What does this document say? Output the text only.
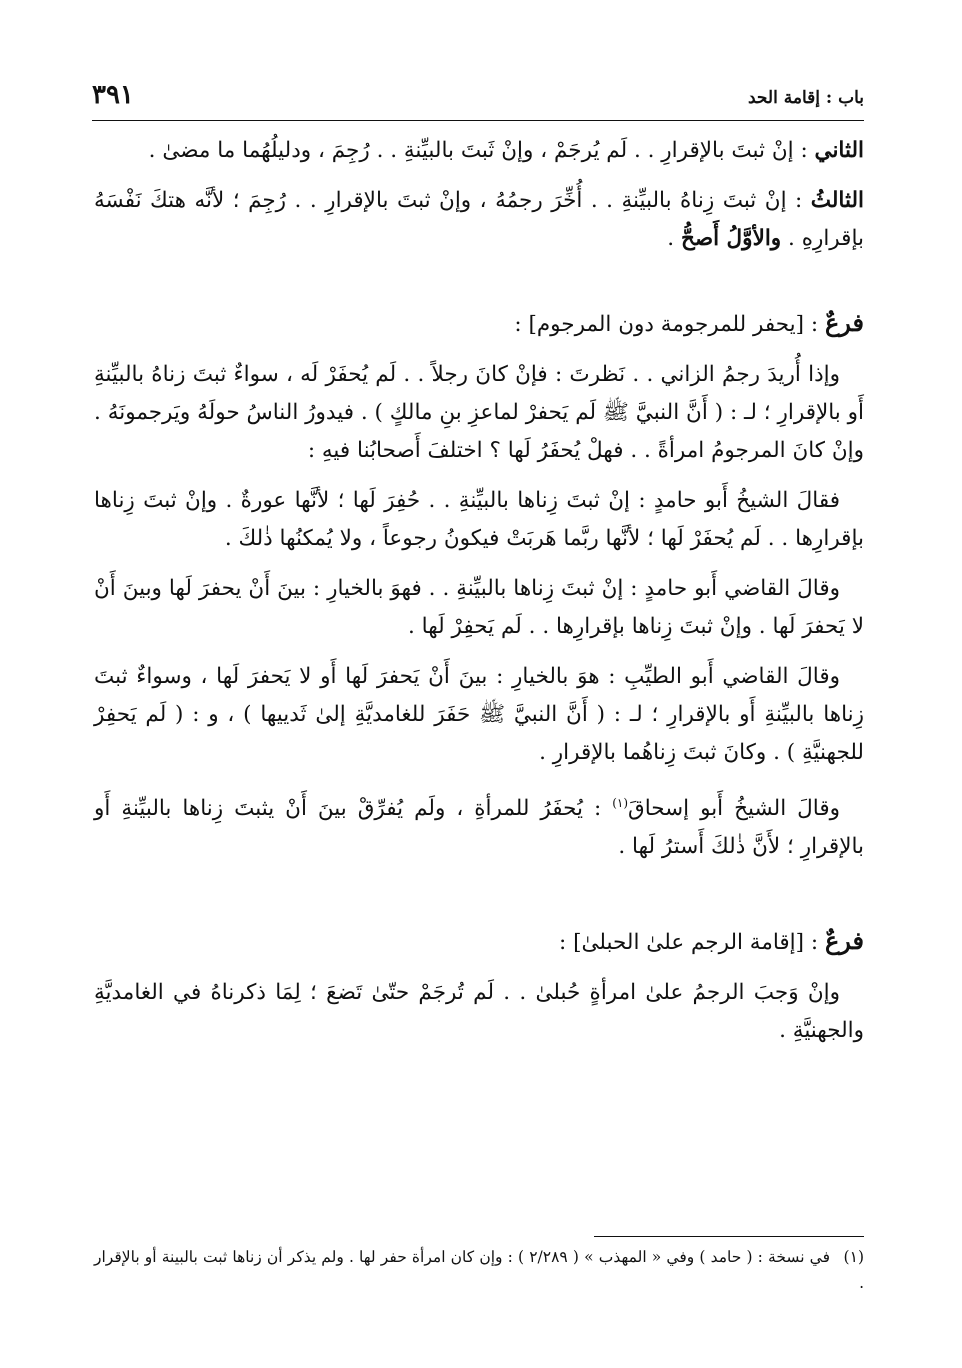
باب : إقامة الحد
٣٩١

الثاني : إنْ ثبتَ بالإقرارِ . . لَم يُرجَمْ ، وإنْ ثَبتَ بالبيِّنةِ . . رُجِمَ ، ودليلُهُما ما مضىٰ .

الثالثُ : إنْ ثبتَ زِناهُ بالبيِّنةِ . . أُخِّرَ رجمُهُ ، وإنْ ثبتَ بالإقرارِ . . رُجِمَ ؛ لأنَّه هتكَ نَفْسَهُ بإقرارِهِ . والأوَّلُ أَصحُّ .

فرعٌ : [يحفر للمرجومة دون المرجوم] :

وإذا أُريدَ رجمُ الزاني . . نَظرتَ : فإنْ كانَ رجلاً . . لَم يُحفَرْ لَه ، سواءٌ ثبتَ زناهُ بالبيِّنةِ أَو بالإقرارِ ؛ لـ : ( أَنَّ النبيَّ ﷺ لَم يَحفرْ لماعزِ بنِ مالكٍ ) . فيدورُ الناسُ حولَهُ ويَرجمونَهُ . وإنْ كانَ المرجومُ امرأةً . . فهلْ يُحفَرُ لَها ؟ اختلفَ أَصحابُنا فيهِ :

فقالَ الشيخُ أَبو حامدٍ : إنْ ثبتَ زِناها بالبيِّنةِ . . حُفِرَ لَها ؛ لأنَّها عورةٌ . وإنْ ثبتَ زِناها بإقرارِها . . لَم يُحفَرْ لَها ؛ لأنَّها ربَّما هَربَتْ فيكونُ رجوعاً ، ولا يُمكنُها ذٰلكَ .

وقالَ القاضي أَبو حامدٍ : إنْ ثبتَ زِناها بالبيِّنةِ . . فهوَ بالخيارِ : بينَ أَنْ يحفرَ لَها وبينَ أَنْ لا يَحفرَ لَها . وإنْ ثبتَ زِناها بإقرارِها . . لَم يَحفِرْ لَها .

وقالَ القاضي أَبو الطيِّبِ : هوَ بالخيارِ : بينَ أَنْ يَحفرَ لَها أَو لا يَحفرَ لَها ، وسواءٌ ثبتَ زِناها بالبيِّنةِ أَو بالإقرارِ ؛ لـ : ( أَنَّ النبيَّ ﷺ حَفَرَ للغامديَّةِ إلىٰ ثَدييها ) ، و : ( لَم يَحفِرْ للجهنيَّةِ ) . وكانَ ثبتَ زِناهُما بالإقرارِ .

وقالَ الشيخُ أَبو إسحاقَ$^{(١)}$ : يُحفَرُ للمرأةِ ، ولَم يُفرِّقْ بينَ أَنْ يثبتَ زِناها بالبيِّنةِ أَو بالإقرارِ ؛ لأَنَّ ذٰلكَ أَسترُ لَها .

فرعٌ : [إقامة الرجم علىٰ الحبلىٰ] :

وإنْ وَجبَ الرجمُ علىٰ امرأةٍ حُبلىٰ . . لَم تُرجَمْ حتّىٰ تَضعَ ؛ لِمَا ذكرناهُ في الغامديَّةِ والجهنيَّةِ .

(١)في نسخة : ( حامد ) وفي « المهذب » ( ٢/٢٨٩ ) : وإن كان امرأة حفر لها . ولم يذكر أن زناها ثبت بالبينة أو بالإقرار .
